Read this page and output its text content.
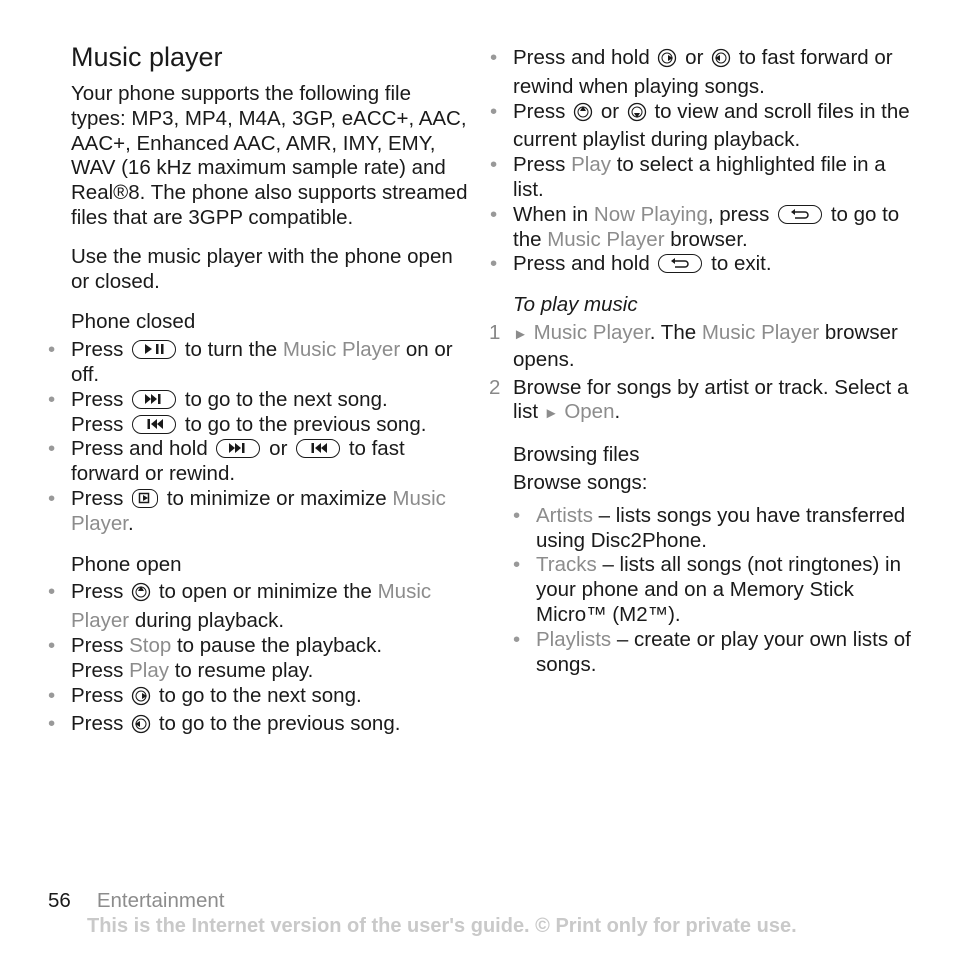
Music player

Your phone supports the following file types: MP3, MP4, M4A, 3GP, eACC+, AAC, AAC+, Enhanced AAC, AMR, IMY, EMY, WAV (16 kHz maximum sample rate) and Real®8. The phone also supports streamed files that are 3GPP compatible.

Use the music player with the phone open or closed.

Phone closed
• Press	to turn the Music Player on or off.
• Press	to go to the next song.
Press	to go to the previous song.
• Press and hold	or	to fast forward or rewind.
• Press to minimize or maximize Music Player.
Phone open
• Press to open or minimize the Music Player during playback.
• Press Stop to pause the playback.
Press Play to resume play.
• Press to go to the next song.
• Press to go to the previous song.
• Press and hold or to fast forward or rewind when playing songs.
• Press or to view and scroll files in the current playlist during playback.
• Press Play to select a highlighted file in a list.
• When in Now Playing, press	to go to the Music Player browser.
• Press and hold	to exit.
To play music
1 ► Music Player. The Music Player browser opens.
2 Browse for songs by artist or track. Select a list ► Open.
Browsing files

Browse songs:

• Artists – lists songs you have transferred using Disc2Phone.
• Tracks – lists all songs (not ringtones) in your phone and on a Memory Stick Micro™ (M2™).
• Playlists – create or play your own lists of songs.
56 Entertainment
This is the Internet version of the user's guide. © Print only for private use.
